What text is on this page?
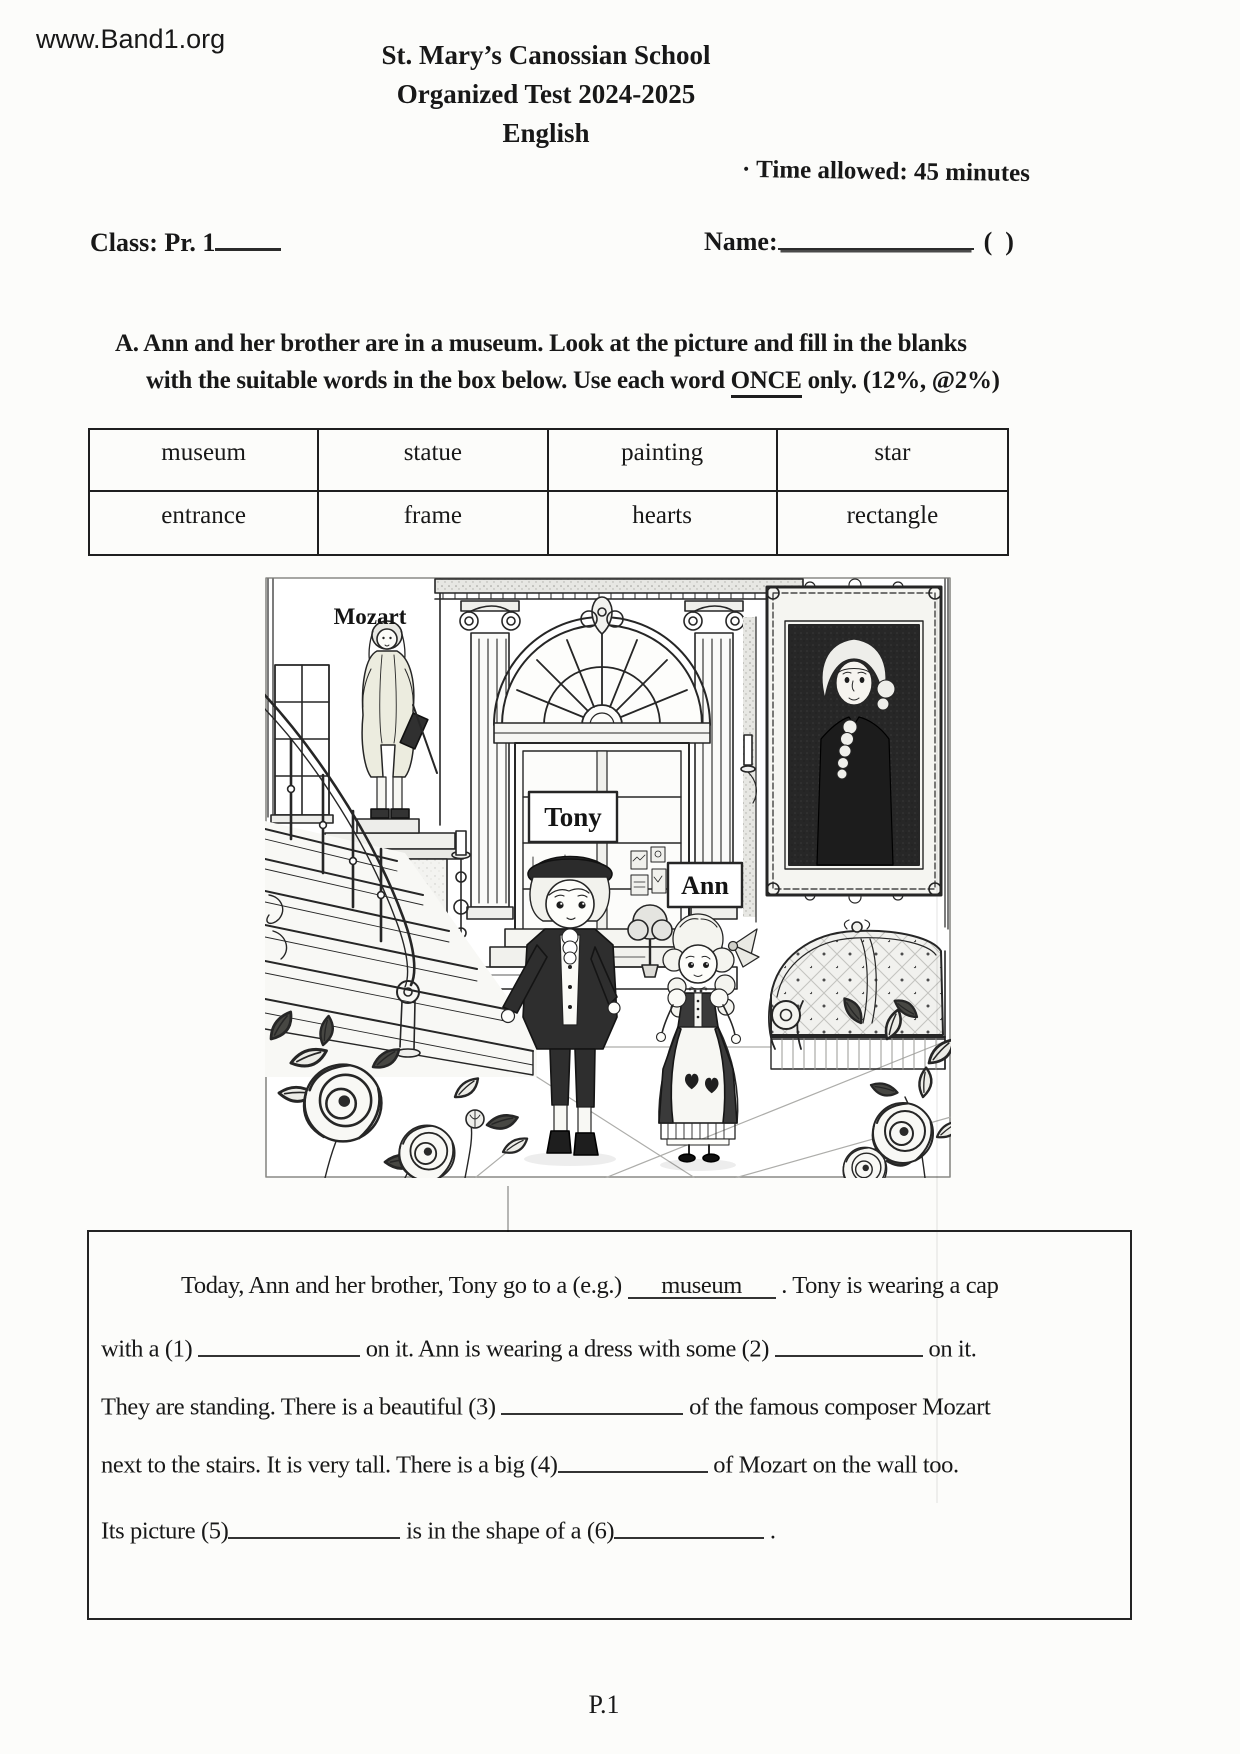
www.Band1.org
St. Mary’s Canossian School
Organized Test 2024-2025
English
· Time allowed: 45 minutes
Class: Pr. 1	Name:	(  )
A. Ann and her brother are in a museum. Look at the picture and fill in the blanks
with the suitable words in the box below. Use each word ONCE only. (12%, @2%)
museum	statue	painting	star
entrance	frame	hearts	rectangle
Mozart
Tony
Ann
Today, Ann and her brother, Tony go to a (e.g.) museum . Tony is wearing a cap
with a (1)	on it. Ann is wearing a dress with some (2)	on it.
They are standing. There is a beautiful (3)	of the famous composer Mozart
next to the stairs. It is very tall. There is a big (4)	of Mozart on the wall too.
Its picture (5)	is in the shape of a (6)	.
P.1
